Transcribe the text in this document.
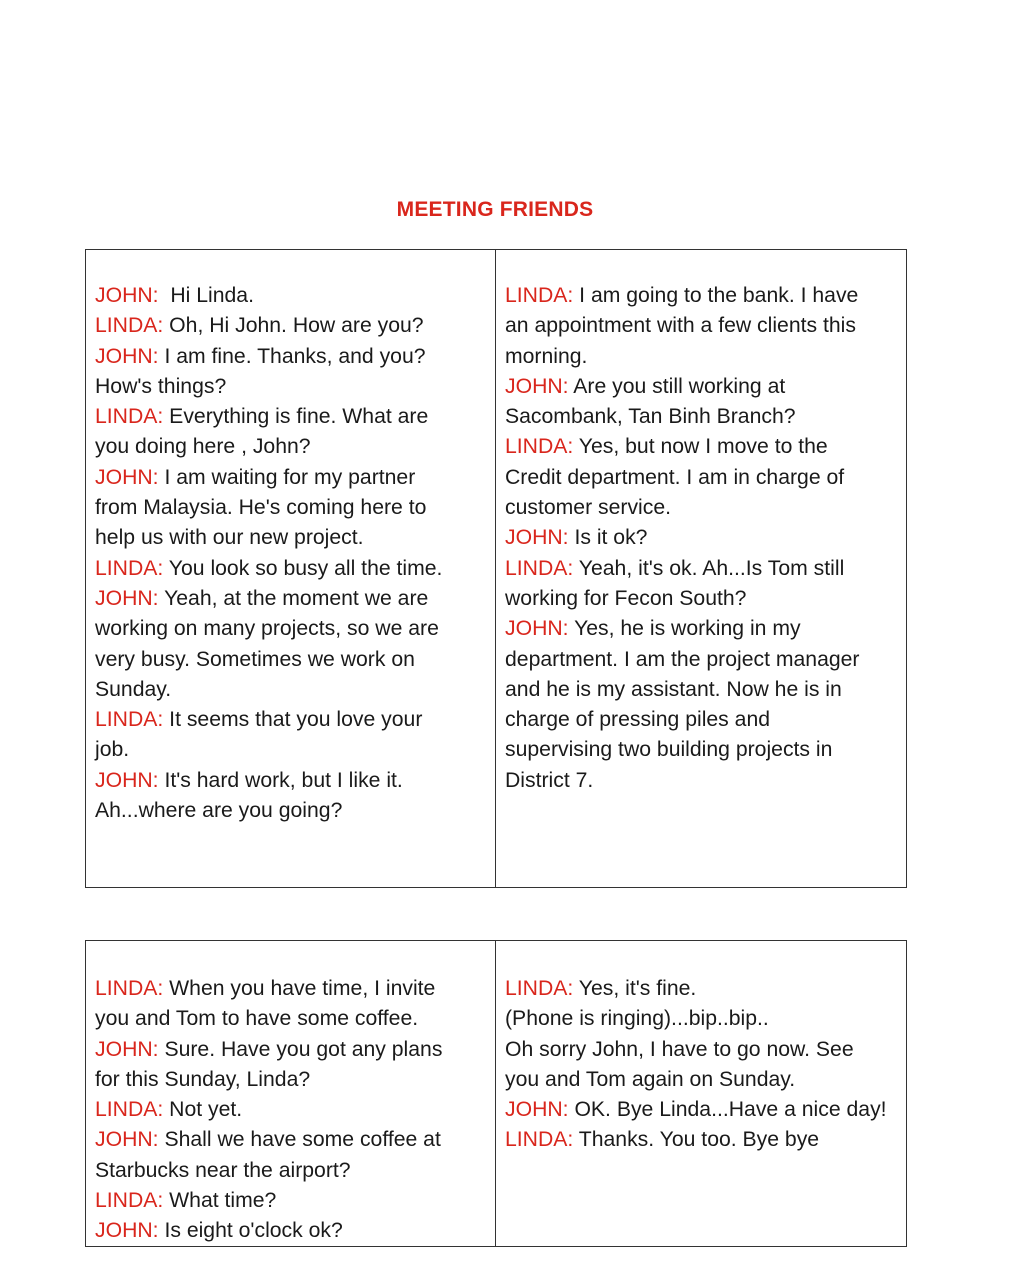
MEETING FRIENDS
JOHN:  Hi Linda.
LINDA: Oh, Hi John. How are you?
JOHN: I am fine. Thanks, and you?
How's things?
LINDA: Everything is fine. What are
you doing here , John?
JOHN: I am waiting for my partner
from Malaysia. He's coming here to
help us with our new project.
LINDA: You look so busy all the time.
JOHN: Yeah, at the moment we are
working on many projects, so we are
very busy. Sometimes we work on
Sunday.
LINDA: It seems that you love your
job.
JOHN: It's hard work, but I like it.
Ah...where are you going?
LINDA: I am going to the bank. I have
an appointment with a few clients this
morning.
JOHN: Are you still working at
Sacombank, Tan Binh Branch?
LINDA: Yes, but now I move to the
Credit department. I am in charge of
customer service.
JOHN: Is it ok?
LINDA: Yeah, it's ok. Ah...Is Tom still
working for Fecon South?
JOHN: Yes, he is working in my
department. I am the project manager
and he is my assistant. Now he is in
charge of pressing piles and
supervising two building projects in
District 7.
LINDA: When you have time, I invite
you and Tom to have some coffee.
JOHN: Sure. Have you got any plans
for this Sunday, Linda?
LINDA: Not yet.
JOHN: Shall we have some coffee at
Starbucks near the airport?
LINDA: What time?
JOHN: Is eight o'clock ok?
LINDA: Yes, it's fine.
(Phone is ringing)...bip..bip..
Oh sorry John, I have to go now. See
you and Tom again on Sunday.
JOHN: OK. Bye Linda...Have a nice day!
LINDA: Thanks. You too. Bye bye
